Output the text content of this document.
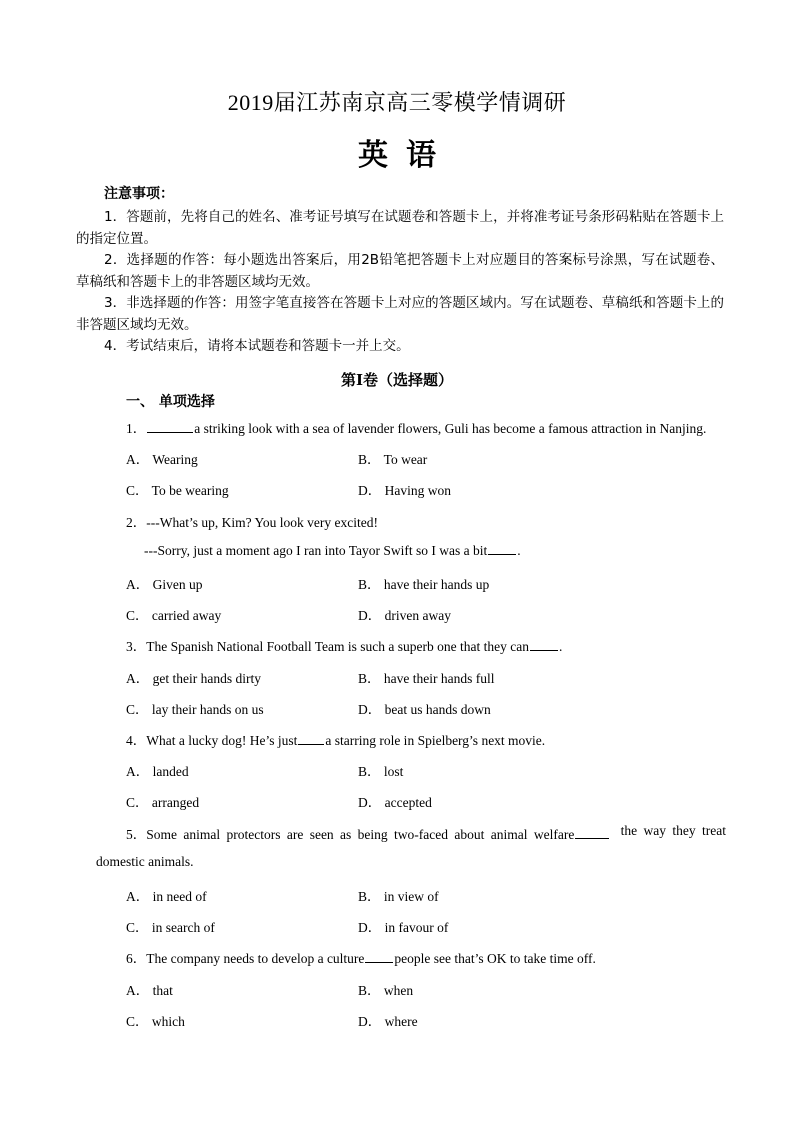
2019届江苏南京高三零模学情调研
英语
注意事项：

1．答题前，先将自己的姓名、准考证号填写在试题卷和答题卡上，并将准考证号条形码粘贴在答题卡上的指定位置。

2．选择题的作答：每小题选出答案后，用2B铅笔把答题卡上对应题目的答案标号涂黑，写在试题卷、草稿纸和答题卡上的非答题区域均无效。

3．非选择题的作答：用签字笔直接答在答题卡上对应的答题区域内。写在试题卷、草稿纸和答题卡上的非答题区域均无效。

4．考试结束后，请将本试题卷和答题卡一并上交。

第Ⅰ卷（选择题）
一、 单项选择
1．	a striking look with a sea of lavender flowers, Guli has become a famous attraction in Nanjing.
A． Wearing	B． To wear
C． To be wearing	D． Having won
2．---What’s up, Kim? You look very excited!
---Sorry, just a moment ago I ran into Tayor Swift so I was a bit .
A． Given up	B． have their hands up
C． carried away	D． driven away
3．The Spanish National Football Team is such a superb one that they can .
A． get their hands dirty	B． have their hands full
C． lay their hands on us	D． beat us hands down
4．What a lucky dog! He’s just a starring role in Spielberg’s next movie.
A． landed	B． lost
C． arranged	D． accepted
5．Some animal protectors are seen as being two-faced about animal welfare	the way they treat
domestic animals.
A． in need of	B． in view of
C． in search of	D． in favour of
6．The company needs to develop a culture people see that’s OK to take time off.
A． that	B． when
C． which	D． where
